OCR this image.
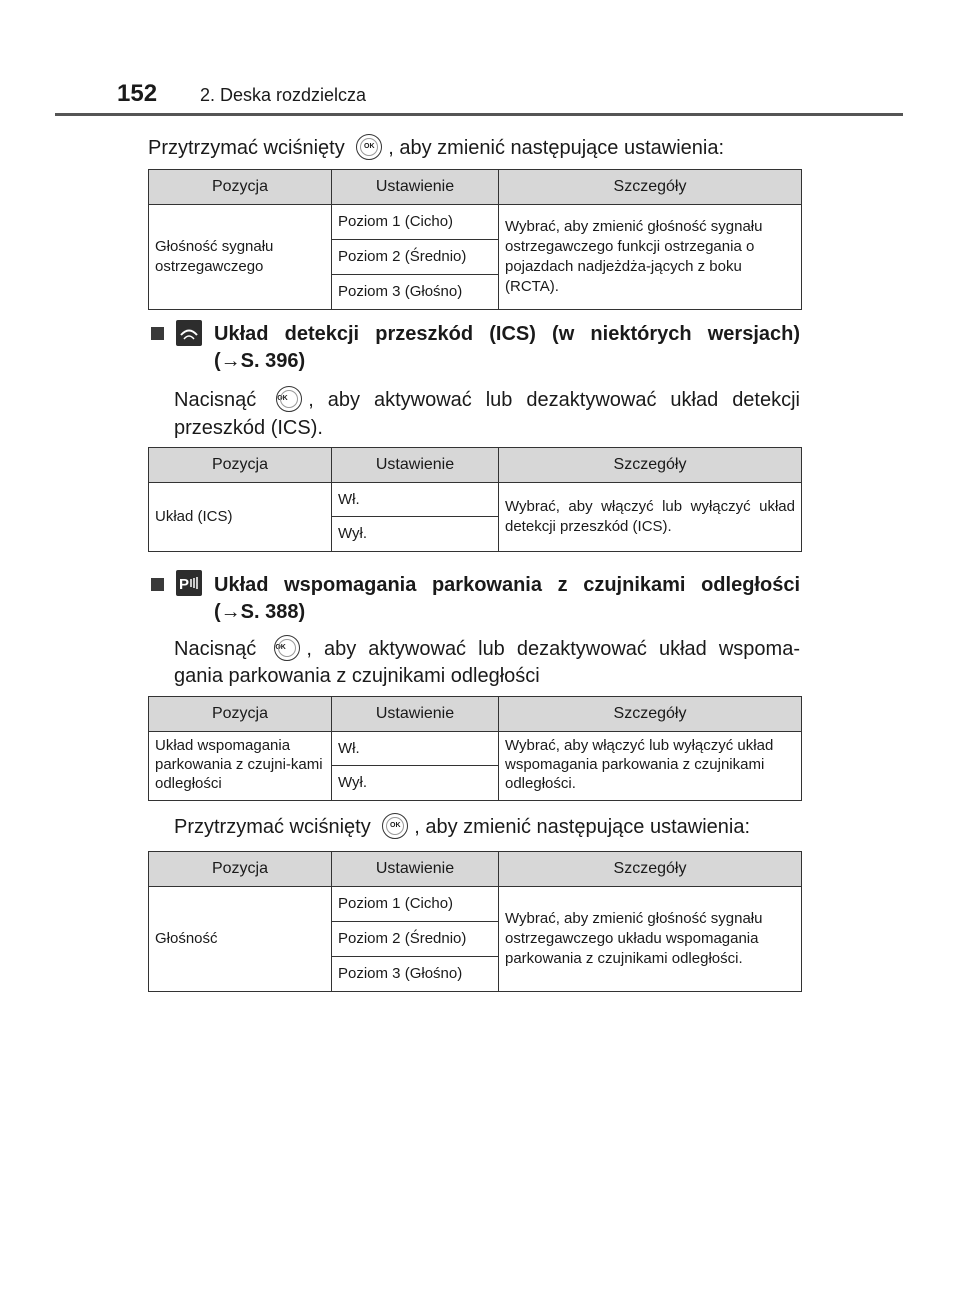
152 2. Deska rozdzielcza
Przytrzymać wciśnięty	OK , aby zmienić następujące ustawienia:
Pozycja	Ustawienie	Szczegóły
Głośność sygnału ostrzegawczego	Poziom 1 (Cicho)	Wybrać, aby zmienić głośność sygnału ostrzegawczego funkcji ostrzegania o pojazdach nadjeżdża-jących z boku (RCTA).
	Poziom 2 (Średnio)	
	Poziom 3 (Głośno)	
Układ detekcji przeszkód (ICS) (w niektórych wersjach)
(→S. 396)
Nacisnąć	OK , aby aktywować lub dezaktywować układ detekcji
przeszkód (ICS).
Pozycja	Ustawienie	Szczegóły
Układ (ICS)	Wł.	Wybrać, aby włączyć lub wyłączyć układ detekcji przeszkód (ICS).
	Wył.	
P Układ wspomagania parkowania z czujnikami odległości
(→S. 388)
Nacisnąć	OK , aby aktywować lub dezaktywować układ wspoma-
gania parkowania z czujnikami odległości
Pozycja	Ustawienie	Szczegóły
Układ wspomagania parkowania z czujni-kami odległości	Wł.	Wybrać, aby włączyć lub wyłączyć układ wspomagania parkowania z czujnikami odległości.
	Wył.	
Przytrzymać wciśnięty	OK , aby zmienić następujące ustawienia:
Pozycja	Ustawienie	Szczegóły
Głośność	Poziom 1 (Cicho)	Wybrać, aby zmienić głośność sygnału ostrzegawczego układu wspomagania parkowania z czujnikami odległości.
	Poziom 2 (Średnio)	
	Poziom 3 (Głośno)	
